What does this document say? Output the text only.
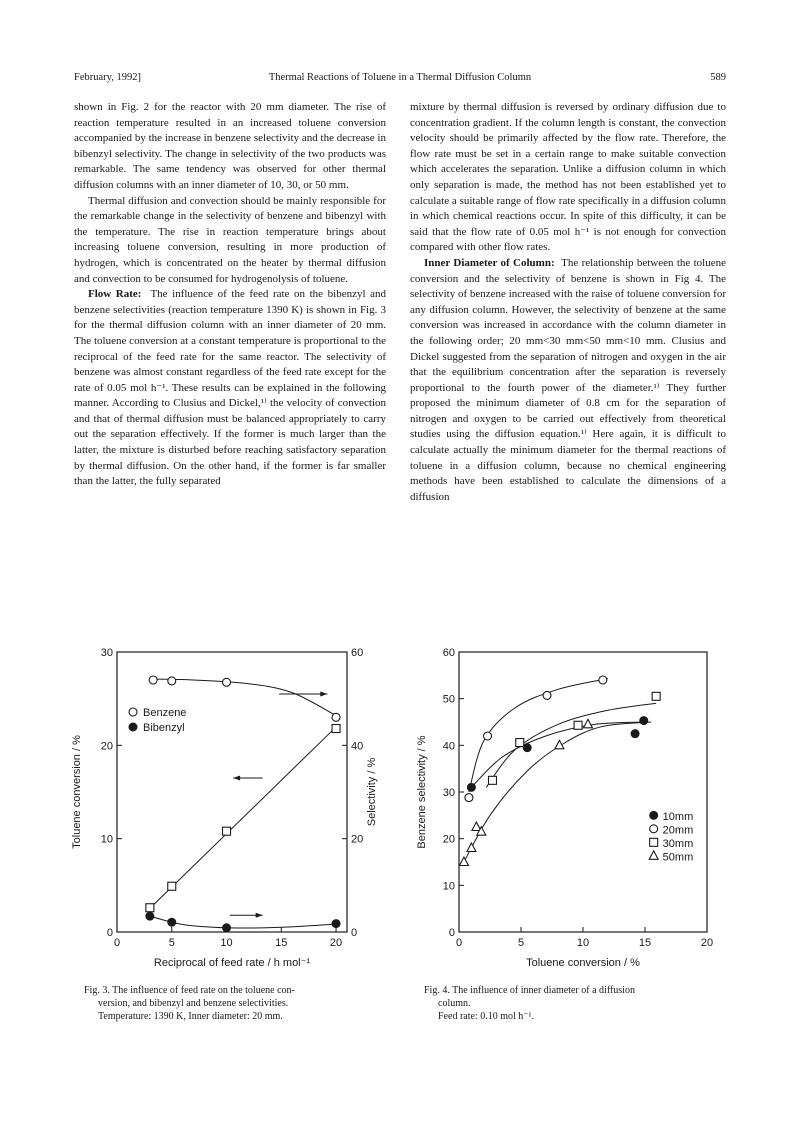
February, 1992]	Thermal Reactions of Toluene in a Thermal Diffusion Column	589

shown in Fig. 2 for the reactor with 20 mm diameter. The rise of reaction temperature resulted in an increased toluene conversion accompanied by the increase in benzene selectivity and the decrease in bibenzyl selectivity. The change in selectivity of the two products was remarkable. The same tendency was observed for other thermal diffusion columns with an inner diameter of 10, 30, or 50 mm.

Thermal diffusion and convection should be mainly responsible for the remarkable change in the selectivity of benzene and bibenzyl with the temperature. The rise in reaction temperature brings about increasing toluene conversion, resulting in more production of hydrogen, which is concentrated on the heater by thermal diffusion and convection to be consumed for hydrogenolysis of toluene.

Flow Rate: The influence of the feed rate on the bibenzyl and benzene selectivities (reaction temperature 1390 K) is shown in Fig. 3 for the thermal diffusion column with an inner diameter of 20 mm. The toluene conversion at a constant temperature is proportional to the reciprocal of the feed rate for the same reactor. The selectivity of benzene was almost constant regardless of the feed rate except for the rate of 0.05 mol h⁻¹. These results can be explained in the following manner. According to Clusius and Dickel,¹⁾ the velocity of convection and that of thermal diffusion must be balanced appropriately to carry out the separation effectively. If the former is much larger than the latter, the mixture is disturbed before reaching satisfactory separation by thermal diffusion. On the other hand, if the former is far smaller than the latter, the fully separated

mixture by thermal diffusion is reversed by ordinary diffusion due to concentration gradient. If the column length is constant, the convection velocity should be primarily affected by the flow rate. Therefore, the flow rate must be set in a certain range to make suitable convection which accelerates the separation. Unlike a diffusion column in which only separation is made, the method has not been established yet to calculate a suitable range of flow rate specifically in a diffusion column in which chemical reactions occur. In spite of this difficulty, it can be said that the flow rate of 0.05 mol h⁻¹ is not enough for convection compared with other flow rates.

Inner Diameter of Column: The relationship between the toluene conversion and the selectivity of benzene is shown in Fig 4. The selectivity of benzene increased with the raise of toluene conversion for any diffusion column. However, the selectivity of benzene at the same conversion was increased in accordance with the column diameter in the following order; 20 mm<30 mm<50 mm<10 mm. Clusius and Dickel suggested from the separation of nitrogen and oxygen in the air that the equilibrium concentration after the separation is reversely proportional to the fourth power of the diameter.¹⁾ They further proposed the minimum diameter of 0.8 cm for the separation of nitrogen and oxygen to be carried out effectively from theoretical studies using the diffusion equation.¹⁾ Here again, it is difficult to calculate actually the minimum diameter for the thermal reactions of toluene in a diffusion column, because no chemical engineering methods have been established to calculate the dimensions of a diffusion

0	5	10	15	20
0
10
20
30
0
20
40
60
Reciprocal of feed rate / h mol⁻¹
Toluene conversion / %	Selectivity / %
Benzene
Bibenzyl
0	5	10	15	20
0
10
20
30
40
50
60
Toluene conversion / %
Benzene selectivity / %	10mm
20mm
30mm
50mm
Fig. 3. The influence of feed rate on the toluene con-
version, and bibenzyl and benzene selectivities.
Temperature: 1390 K, Inner diameter: 20 mm.
Fig. 4. The influence of inner diameter of a diffusion
column.
Feed rate: 0.10 mol h⁻¹.
